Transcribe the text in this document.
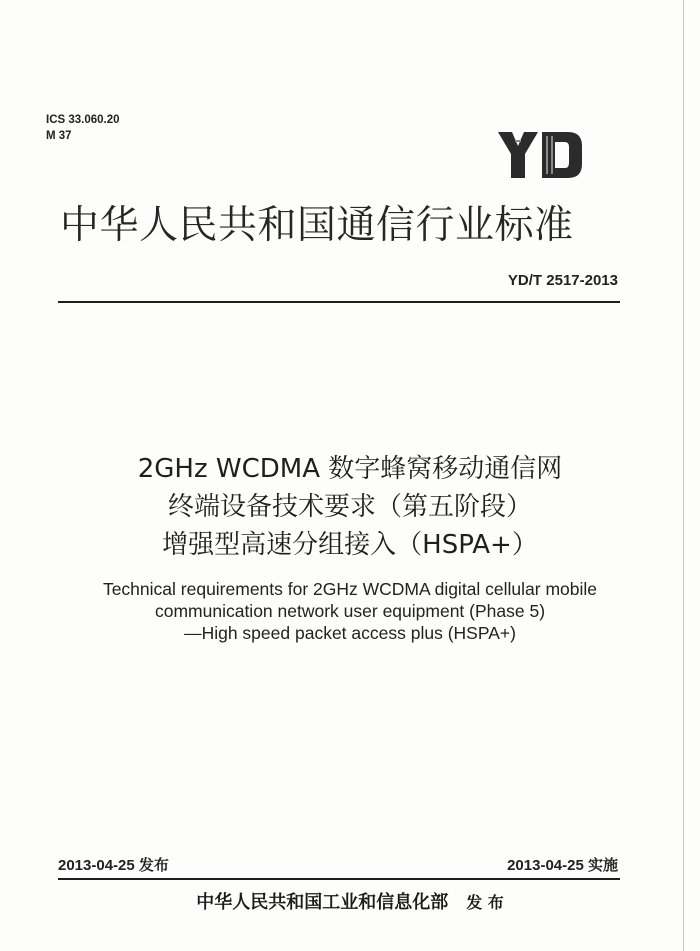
ICS 33.060.20
M 37
中华人民共和国通信行业标准
YD/T 2517-2013
2GHz WCDMA 数字蜂窝移动通信网
终端设备技术要求（第五阶段）
增强型高速分组接入（HSPA+）
Technical requirements for 2GHz WCDMA digital cellular mobile
communication network user equipment (Phase 5)
—High speed packet access plus (HSPA+)
2013-04-25 发布	2013-04-25 实施
中华人民共和国工业和信息化部 发 布
